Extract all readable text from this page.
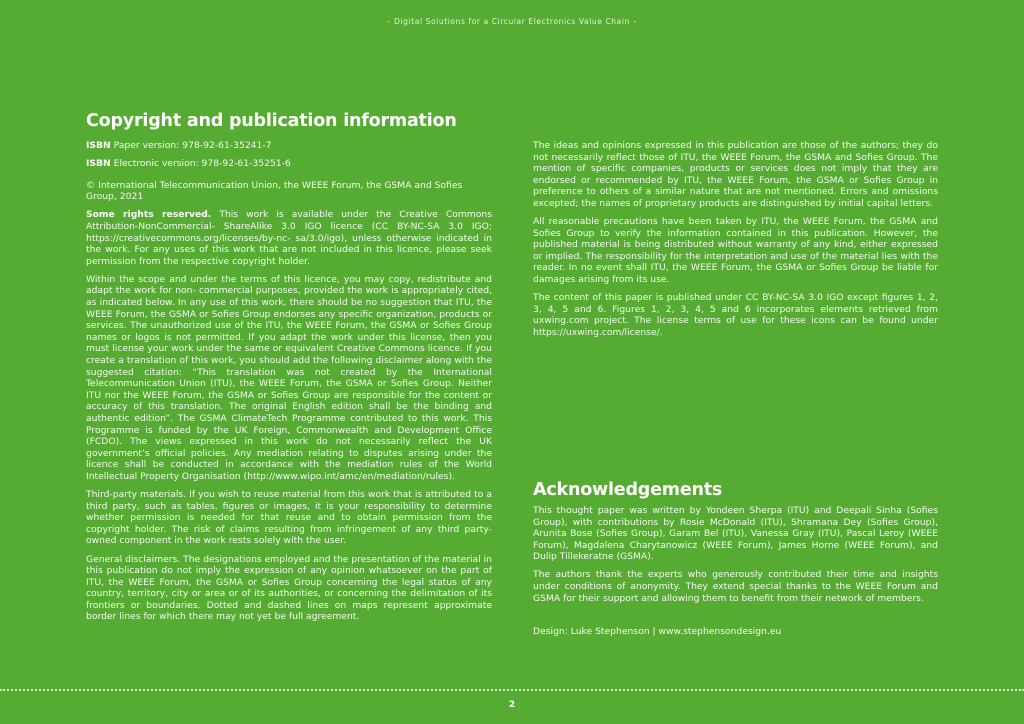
– Digital Solutions for a Circular Electronics Value Chain –
Copyright and publication information

ISBN Paper version: 978-92-61-35241-7

ISBN Electronic version: 978-92-61-35251-6

© International Telecommunication Union, the WEEE Forum, the GSMA and Sofies Group, 2021

Some rights reserved. This work is available under the Creative Commons Attribution-NonCommercial- ShareAlike 3.0 IGO licence (CC BY-NC-SA 3.0 IGO; https://creativecommons.org/licenses/by-nc- sa/3.0/igo), unless otherwise indicated in the work. For any uses of this work that are not included in this licence, please seek permission from the respective copyright holder.

Within the scope and under the terms of this licence, you may copy, redistribute and adapt the work for non- commercial purposes, provided the work is appropriately cited, as indicated below. In any use of this work, there should be no suggestion that ITU, the WEEE Forum, the GSMA or Sofies Group endorses any specific organization, products or services. The unauthorized use of the ITU, the WEEE Forum, the GSMA or Sofies Group names or logos is not permitted. If you adapt the work under this license, then you must license your work under the same or equivalent Creative Commons licence. If you create a translation of this work, you should add the following disclaimer along with the suggested citation: “This translation was not created by the International Telecommunication Union (ITU), the WEEE Forum, the GSMA or Sofies Group. Neither ITU nor the WEEE Forum, the GSMA or Sofies Group are responsible for the content or accuracy of this translation. The original English edition shall be the binding and authentic edition”. The GSMA ClimateTech Programme contributed to this work. This Programme is funded by the UK Foreign, Commonwealth and Development Office (FCDO). The views expressed in this work do not necessarily reflect the UK government’s official policies. Any mediation relating to disputes arising under the licence shall be conducted in accordance with the mediation rules of the World Intellectual Property Organisation (http://www.wipo.int/amc/en/mediation/rules).

Third-party materials. If you wish to reuse material from this work that is attributed to a third party, such as tables, figures or images, it is your responsibility to determine whether permission is needed for that reuse and to obtain permission from the copyright holder. The risk of claims resulting from infringement of any third party-owned component in the work rests solely with the user.

General disclaimers. The designations employed and the presentation of the material in this publication do not imply the expression of any opinion whatsoever on the part of ITU, the WEEE Forum, the GSMA or Sofies Group concerning the legal status of any country, territory, city or area or of its authorities, or concerning the delimitation of its frontiers or boundaries. Dotted and dashed lines on maps represent approximate border lines for which there may not yet be full agreement.

The ideas and opinions expressed in this publication are those of the authors; they do not necessarily reflect those of ITU, the WEEE Forum, the GSMA and Sofies Group. The mention of specific companies, products or services does not imply that they are endorsed or recommended by ITU, the WEEE Forum, the GSMA or Sofies Group in preference to others of a similar nature that are not mentioned. Errors and omissions excepted; the names of proprietary products are distinguished by initial capital letters.

All reasonable precautions have been taken by ITU, the WEEE Forum, the GSMA and Sofies Group to verify the information contained in this publication. However, the published material is being distributed without warranty of any kind, either expressed or implied. The responsibility for the interpretation and use of the material lies with the reader. In no event shall ITU, the WEEE Forum, the GSMA or Sofies Group be liable for damages arising from its use.

The content of this paper is published under CC BY-NC-SA 3.0 IGO except figures 1, 2, 3, 4, 5 and 6. Figures 1, 2, 3, 4, 5 and 6 incorporates elements retrieved from uxwing.com project. The license terms of use for these icons can be found under https://uxwing.com/license/.

Acknowledgements

This thought paper was written by Yondeen Sherpa (ITU) and Deepali Sinha (Sofies Group), with contributions by Rosie McDonald (ITU), Shramana Dey (Sofies Group), Arunita Bose (Sofies Group), Garam Bel (ITU), Vanessa Gray (ITU), Pascal Leroy (WEEE Forum), Magdalena Charytanowicz (WEEE Forum), James Horne (WEEE Forum), and Dulip Tillekeratne (GSMA).

The authors thank the experts who generously contributed their time and insights under conditions of anonymity. They extend special thanks to the WEEE Forum and GSMA for their support and allowing them to benefit from their network of members.

Design: Luke Stephenson | www.stephensondesign.eu
2
